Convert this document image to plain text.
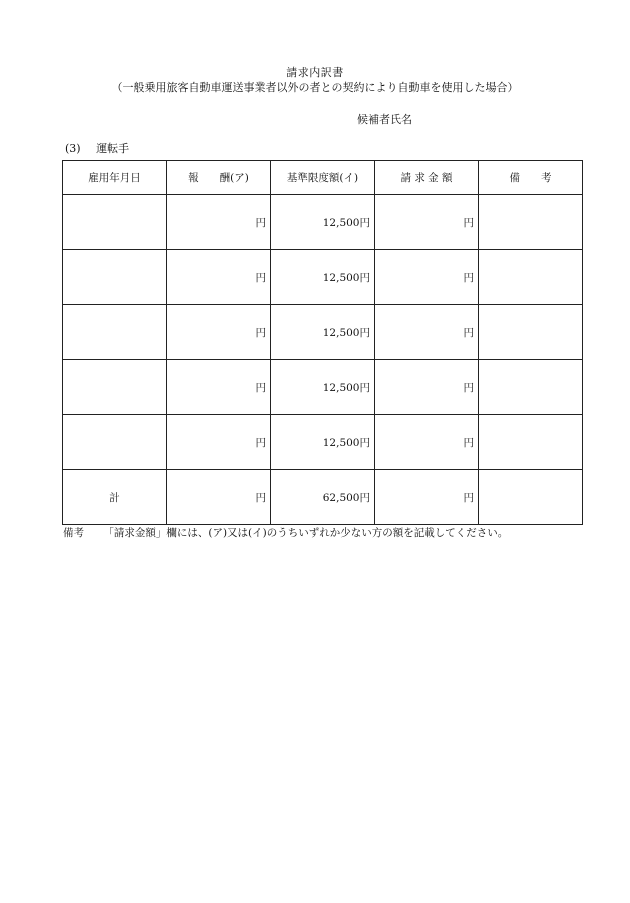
請求内訳書
（一般乗用旅客自動車運送事業者以外の者との契約により自動車を使用した場合）
候補者氏名
(3) 運転手
雇用年月日	報　　酬(ア)	基準限度額(イ)	請 求 金 額	備　　考
	円	12,500円	円	
	円	12,500円	円	
	円	12,500円	円	
	円	12,500円	円	
	円	12,500円	円	
計	円	62,500円	円	
備考 「請求金額」欄には、(ア)又は(イ)のうちいずれか少ない方の額を記載してください。
